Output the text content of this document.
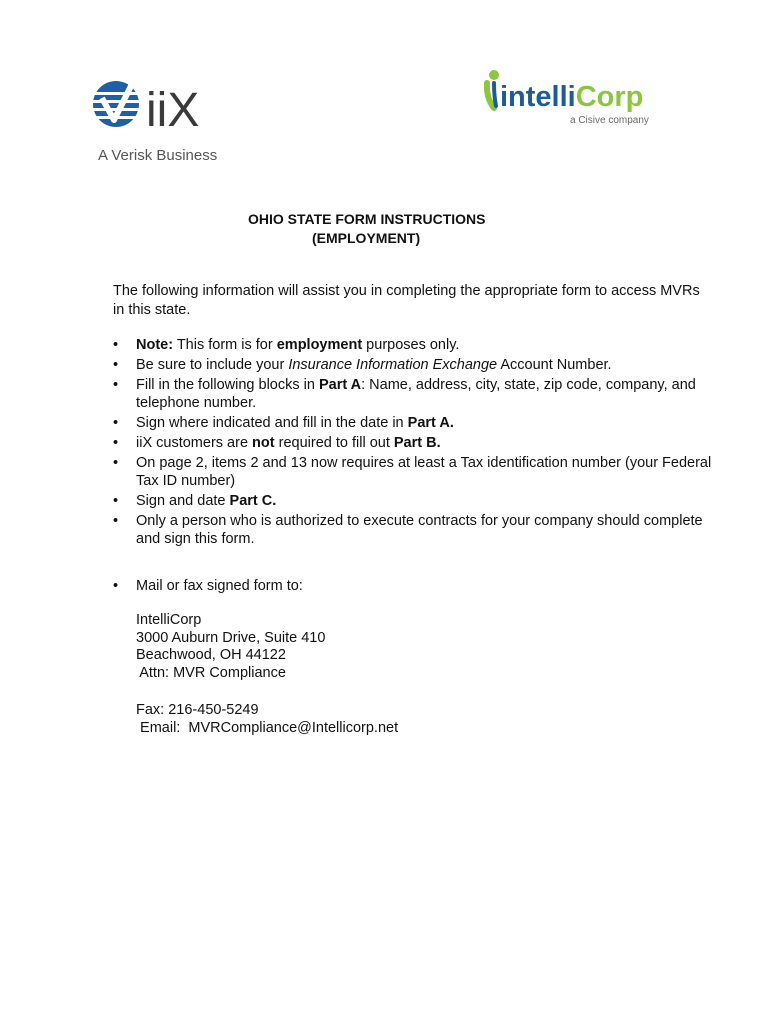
iiX
A Verisk Business
intelliCorp
a Cisive company
OHIO STATE FORM INSTRUCTIONS
(EMPLOYMENT)

The following information will assist you in completing the appropriate form to access MVRs in this state.

• Note: This form is for employment purposes only.
• Be sure to include your Insurance Information Exchange Account Number.
• Fill in the following blocks in Part A: Name, address, city, state, zip code, company, and telephone number.
• Sign where indicated and fill in the date in Part A.
• iiX customers are not required to fill out Part B.
• On page 2, items 2 and 13 now requires at least a Tax identification number (your Federal Tax ID number)
• Sign and date Part C.
• Only a person who is authorized to execute contracts for your company should complete and sign this form.
• Mail or fax signed form to:
IntelliCorp
3000 Auburn Drive, Suite 410
Beachwood, OH 44122
Attn: MVR Compliance
Fax: 216-450-5249
Email:  MVRCompliance@Intellicorp.net
